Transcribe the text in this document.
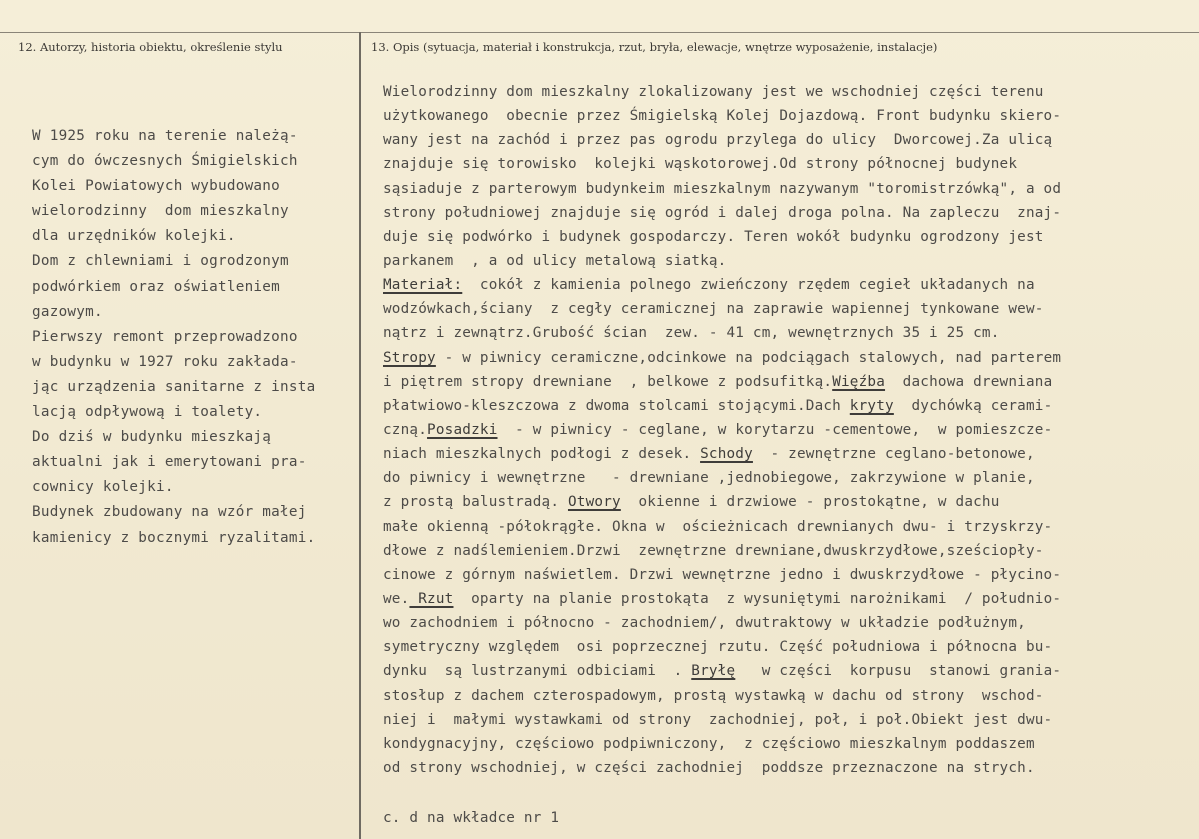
12. Autorzy, historia obiektu, określenie stylu	13. Opis (sytuacja, materiał i konstrukcja, rzut, bryła, elewacje, wnętrze wyposażenie, instalacje)
W 1925 roku na terenie należą-
cym do ówczesnych Śmigielskich
Kolei Powiatowych wybudowano
wielorodzinny  dom mieszkalny
dla urzędników kolejki.
Dom z chlewniami i ogrodzonym
podwórkiem oraz oświatleniem
gazowym.
Pierwszy remont przeprowadzono
w budynku w 1927 roku zakłada-
jąc urządzenia sanitarne z insta
lacją odpływową i toalety.
Do dziś w budynku mieszkają
aktualni jak i emerytowani pra-
cownicy kolejki.
Budynek zbudowany na wzór małej
kamienicy z bocznymi ryzalitami.
Wielorodzinny dom mieszkalny zlokalizowany jest we wschodniej części terenu
użytkowanego  obecnie przez Śmigielską Kolej Dojazdową. Front budynku skiero-
wany jest na zachód i przez pas ogrodu przylega do ulicy  Dworcowej.Za ulicą
znajduje się torowisko  kolejki wąskotorowej.Od strony północnej budynek
sąsiaduje z parterowym budynkeim mieszkalnym nazywanym "toromistrzówką", a od
strony południowej znajduje się ogród i dalej droga polna. Na zapleczu  znaj-
duje się podwórko i budynek gospodarczy. Teren wokół budynku ogrodzony jest
parkanem  , a od ulicy metalową siatką.
Materiał:  cokół z kamienia polnego zwieńczony rzędem cegieł układanych na
wodzówkach,ściany  z cegły ceramicznej na zaprawie wapiennej tynkowane wew-
nątrz i zewnątrz.Grubość ścian  zew. - 41 cm, wewnętrznych 35 i 25 cm.
Stropy - w piwnicy ceramiczne,odcinkowe na podciągach stalowych, nad parterem
i piętrem stropy drewniane  , belkowe z podsufitką.Więźba  dachowa drewniana
płatwiowo-kleszczowa z dwoma stolcami stojącymi.Dach kryty  dychówką cerami-
czną.Posadzki  - w piwnicy - ceglane, w korytarzu -cementowe,  w pomieszcze-
niach mieszkalnych podłogi z desek. Schody  - zewnętrzne ceglano-betonowe,
do piwnicy i wewnętrzne   - drewniane ,jednobiegowe, zakrzywione w planie,
z prostą balustradą. Otwory  okienne i drzwiowe - prostokątne, w dachu
małe okienną -półokrągłe. Okna w  ościeżnicach drewnianych dwu- i trzyskrzy-
dłowe z nadślemieniem.Drzwi  zewnętrzne drewniane,dwuskrzydłowe,sześciopły-
cinowe z górnym naświetlem. Drzwi wewnętrzne jedno i dwuskrzydłowe - płycino-
we. Rzut  oparty na planie prostokąta  z wysuniętymi narożnikami  / południo-
wo zachodniem i północno - zachodniem/, dwutraktowy w układzie podłużnym,
symetryczny względem  osi poprzecznej rzutu. Część południowa i północna bu-
dynku  są lustrzanymi odbiciami  . Bryłę   w części  korpusu  stanowi grania-
stosłup z dachem czterospadowym, prostą wystawką w dachu od strony  wschod-
niej i  małymi wystawkami od strony  zachodniej, poł, i poł.Obiekt jest dwu-
kondygnacyjny, częściowo podpiwniczony,  z częściowo mieszkalnym poddaszem
od strony wschodniej, w części zachodniej  poddsze przeznaczone na strych.
c. d na wkładce nr 1
